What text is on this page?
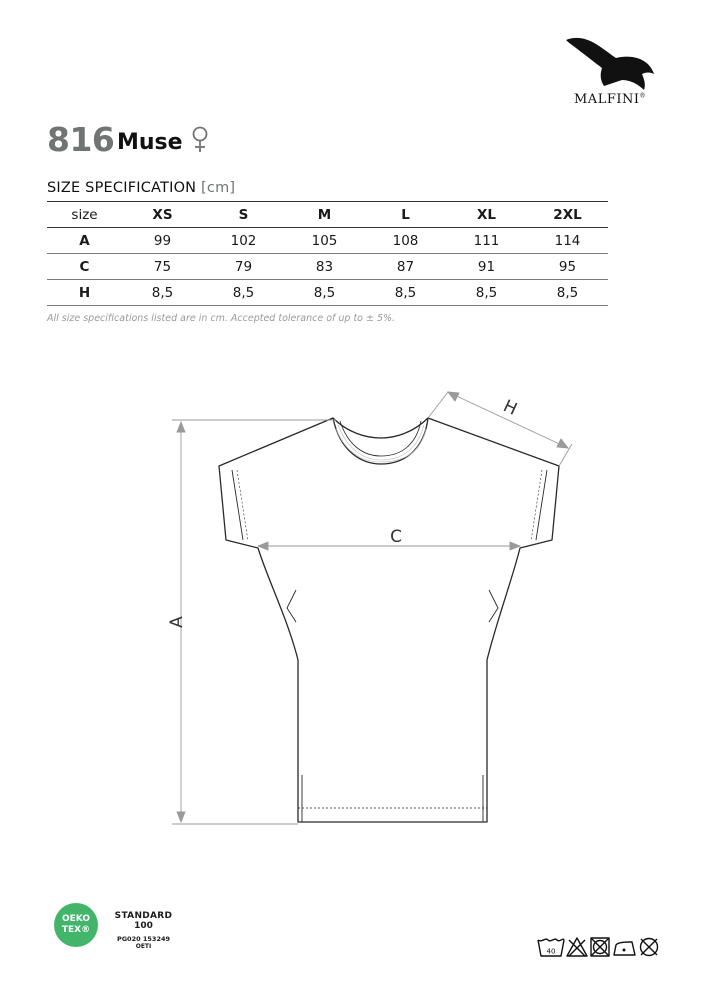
MALFINI®
816 Muse
SIZE SPECIFICATION [cm]
size	XS	S	M	L	XL	2XL
A	99	102	105	108	111	114
C	75	79	83	87	91	95
H	8,5	8,5	8,5	8,5	8,5	8,5
All size specifications listed are in cm. Accepted tolerance of up to ± 5%.
A
C
H
OEKO
TEX®
STANDARD
100
PG020 153249
OETI
40
